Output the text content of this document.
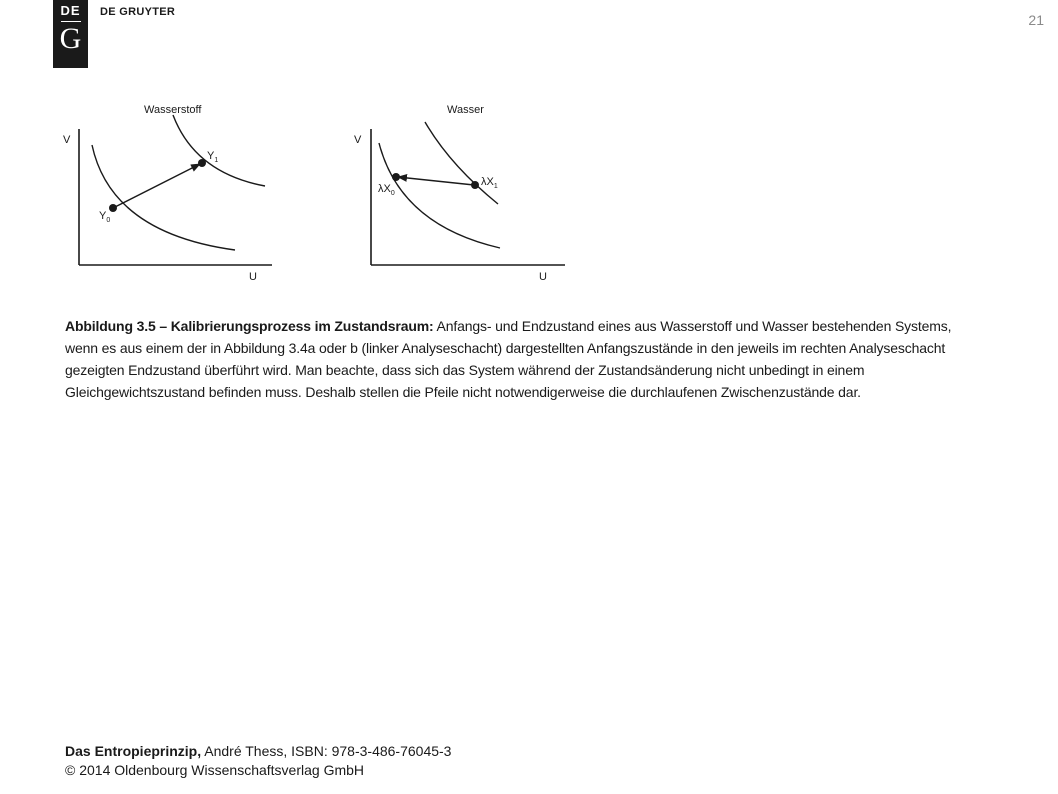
DE
G
DE GRUYTER	21
V
U
Wasserstoff
$Y_0$
$Y_1$
V
U
Wasser
$\lambda X_1$
$\lambda X_0$
Abbildung 3.5 – Kalibrierungsprozess im Zustandsraum: Anfangs- und Endzustand eines aus Wasserstoff und Wasser bestehenden Systems, wenn es aus einem der in Abbildung 3.4a oder b (linker Analyseschacht) dargestellten Anfangszustände in den jeweils im rechten Analyseschacht gezeigten Endzustand überführt wird. Man beachte, dass sich das System während der Zustandsänderung nicht unbedingt in einem Gleichgewichtszustand befinden muss. Deshalb stellen die Pfeile nicht notwendigerweise die durchlaufenen Zwischenzustände dar.
Das Entropieprinzip, André Thess, ISBN: 978-3-486-76045-3
© 2014 Oldenbourg Wissenschaftsverlag GmbH
